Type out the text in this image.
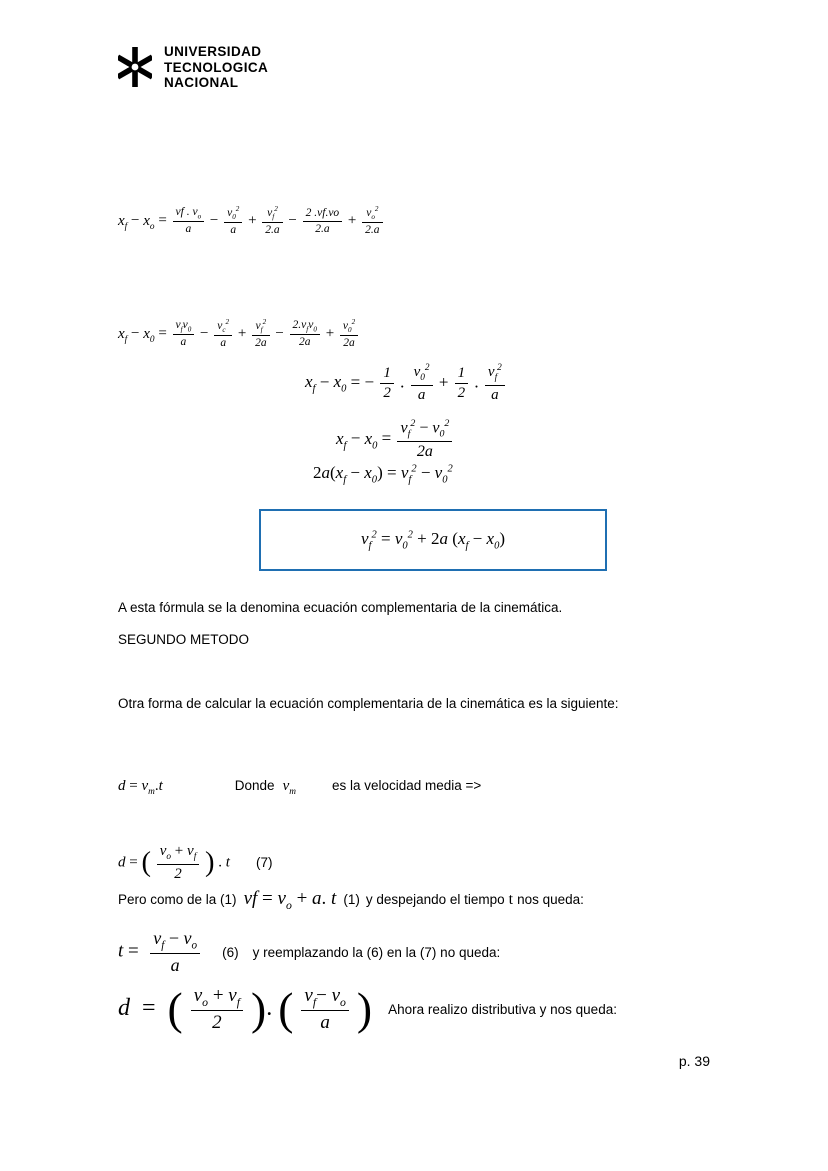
UNIVERSIDAD
TECNOLOGICA
NACIONAL
$x_f - x_o = \frac{vf . v_o}{a} - \frac{v_0^2}{a} + \frac{v_f^2}{2.a} - \frac{2 .vf.vo}{2.a} + \frac{v_o^2}{2.a}$
$x_f - x_0 = \frac{v_fv_0}{a} - \frac{v_c^2}{a} + \frac{v_f^2}{2a} - \frac{2.v_fv_0}{2a} + \frac{v_0^2}{2a}$
$x_f - x_0$ = − $\frac{1}{2}$ . $\frac{v_0^2}{a} + \frac{1}{2}$ . $\frac{v_f^2}{a}$
$x_f - x_0 = \frac{v_f^2 - v_0^2}{2a}$
$2a(x_f - x_0) = v_f^2 - v_0^2$
$v_f^2 = v_0^2 + 2a$ $(x_f - x_0)$
A esta fórmula se la denomina ecuación complementaria de la cinemática.
SEGUNDO METODO
Otra forma de calcular la ecuación complementaria de la cinemática es la siguiente:
$d = v_m.t$	Donde $v_m$	es la velocidad media =>
d = ( $\frac{v_o + v_f}{2}$ ) . t (7)
Pero como de la (1) vf = $v_o + a$. t (1) y despejando el tiempo t nos queda:
$t = \frac{v_f - v_o}{a} (6)$ y reemplazando la (6) en la (7) no queda:
d  =  ( $\frac{v_o + v_f}{2}$ ). ( $\frac{v_f- v_o}{a}$ ) Ahora realizo distributiva y nos queda:
p. 39
